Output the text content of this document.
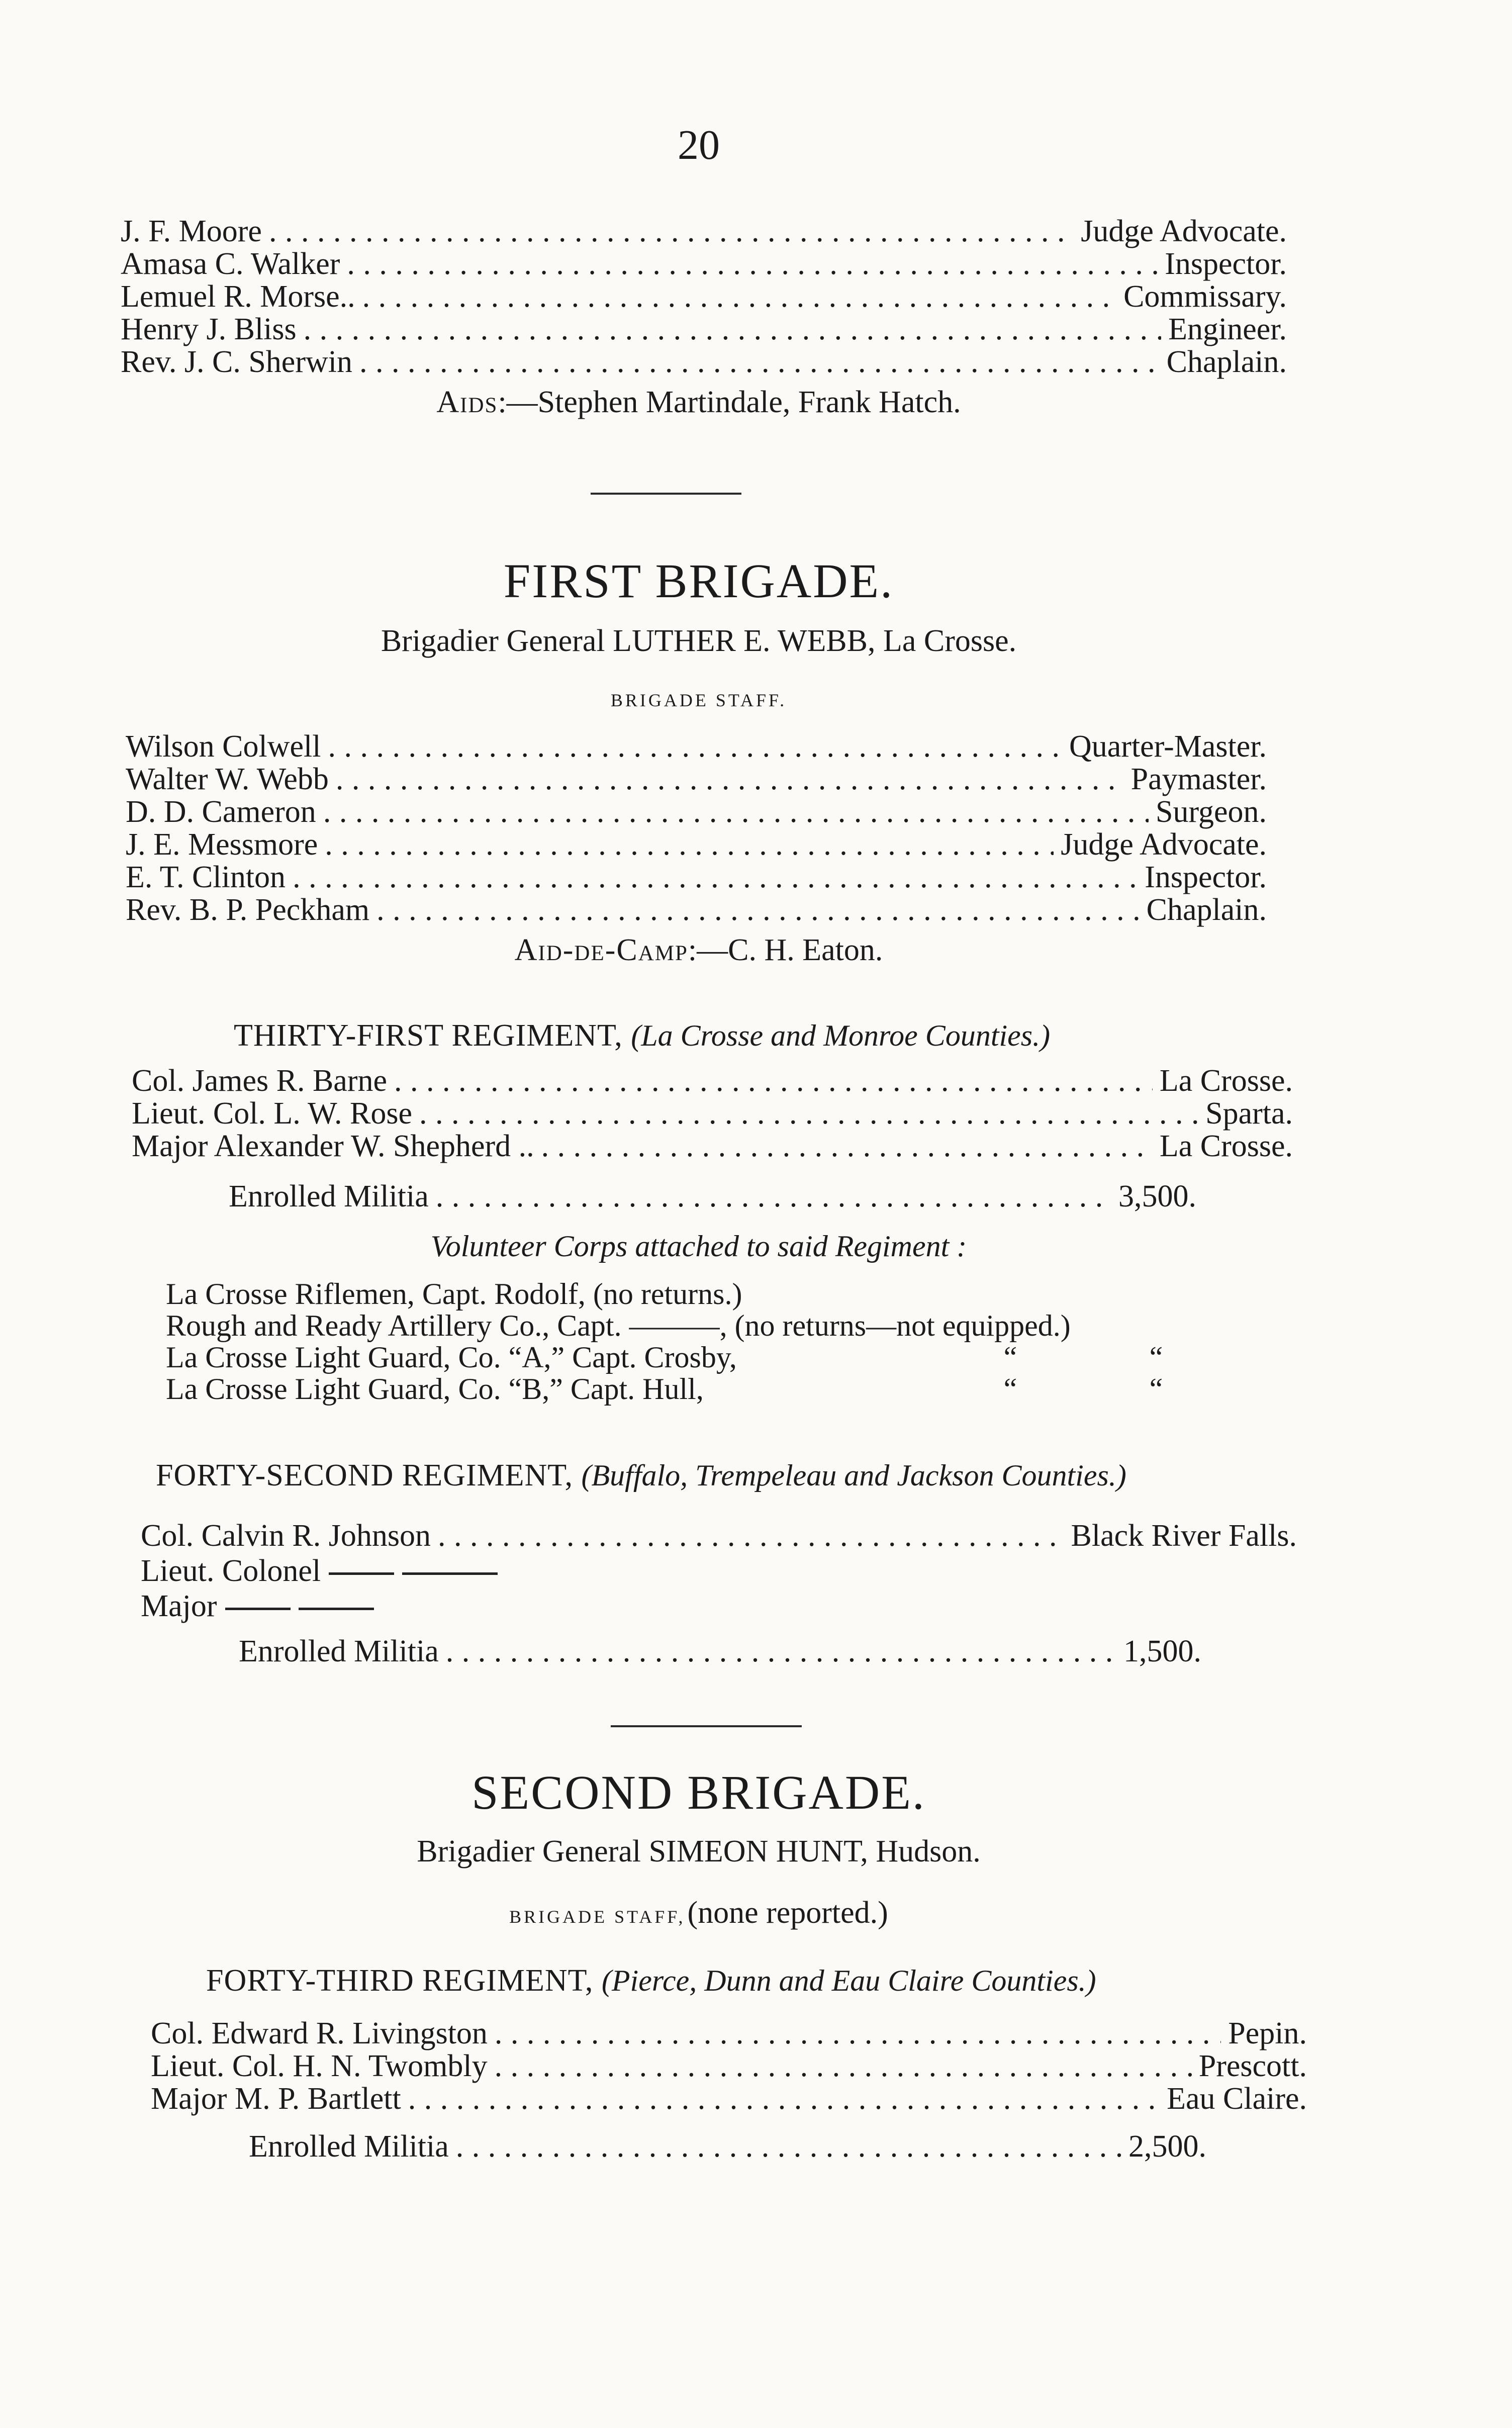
20
J. F. Moore . . .	Judge Advocate.
Amasa C. Walker . . .	Inspector.
Lemuel R. Morse.. . . .	Commissary.
Henry J. Bliss . . .	Engineer.
Rev. J. C. Sherwin . . .	Chaplain.
Aids:—Stephen Martindale, Frank Hatch.
FIRST BRIGADE.
Brigadier General LUTHER E. WEBB, La Crosse.
BRIGADE STAFF.
Wilson Colwell . . .	Quarter-Master.
Walter W. Webb . . .	Paymaster.
D. D. Cameron . . .	Surgeon.
J. E. Messmore . . .	Judge Advocate.
E. T. Clinton . . .	Inspector.
Rev. B. P. Peckham . . .	Chaplain.
Aid-de-Camp:—C. H. Eaton.
THIRTY-FIRST REGIMENT, (La Crosse and Monroe Counties.)
Col. James R. Barne . . .	La Crosse.
Lieut. Col. L. W. Rose . . .	Sparta.
Major Alexander W. Shepherd .. . . .	La Crosse.
Enrolled Militia . . .	3,500.
Volunteer Corps attached to said Regiment :
La Crosse Riflemen, Capt. Rodolf, (no returns.)
Rough and Ready Artillery Co., Capt. ———, (no returns—not equipped.)
La Crosse Light Guard, Co. “A,” Capt. Crosby,	“	“
La Crosse Light Guard, Co. “B,” Capt. Hull,	“	“
FORTY-SECOND REGIMENT, (Buffalo, Trempeleau and Jackson Counties.)
Col. Calvin R. Johnson . . .	Black River Falls.
Lieut. Colonel
Major
Enrolled Militia . . .	1,500.
SECOND BRIGADE.
Brigadier General SIMEON HUNT, Hudson.
BRIGADE STAFF, (none reported.)
FORTY-THIRD REGIMENT, (Pierce, Dunn and Eau Claire Counties.)
Col. Edward R. Livingston . . .	Pepin.
Lieut. Col. H. N. Twombly . . .	Prescott.
Major M. P. Bartlett . . .	Eau Claire.
Enrolled Militia . . .	2,500.
